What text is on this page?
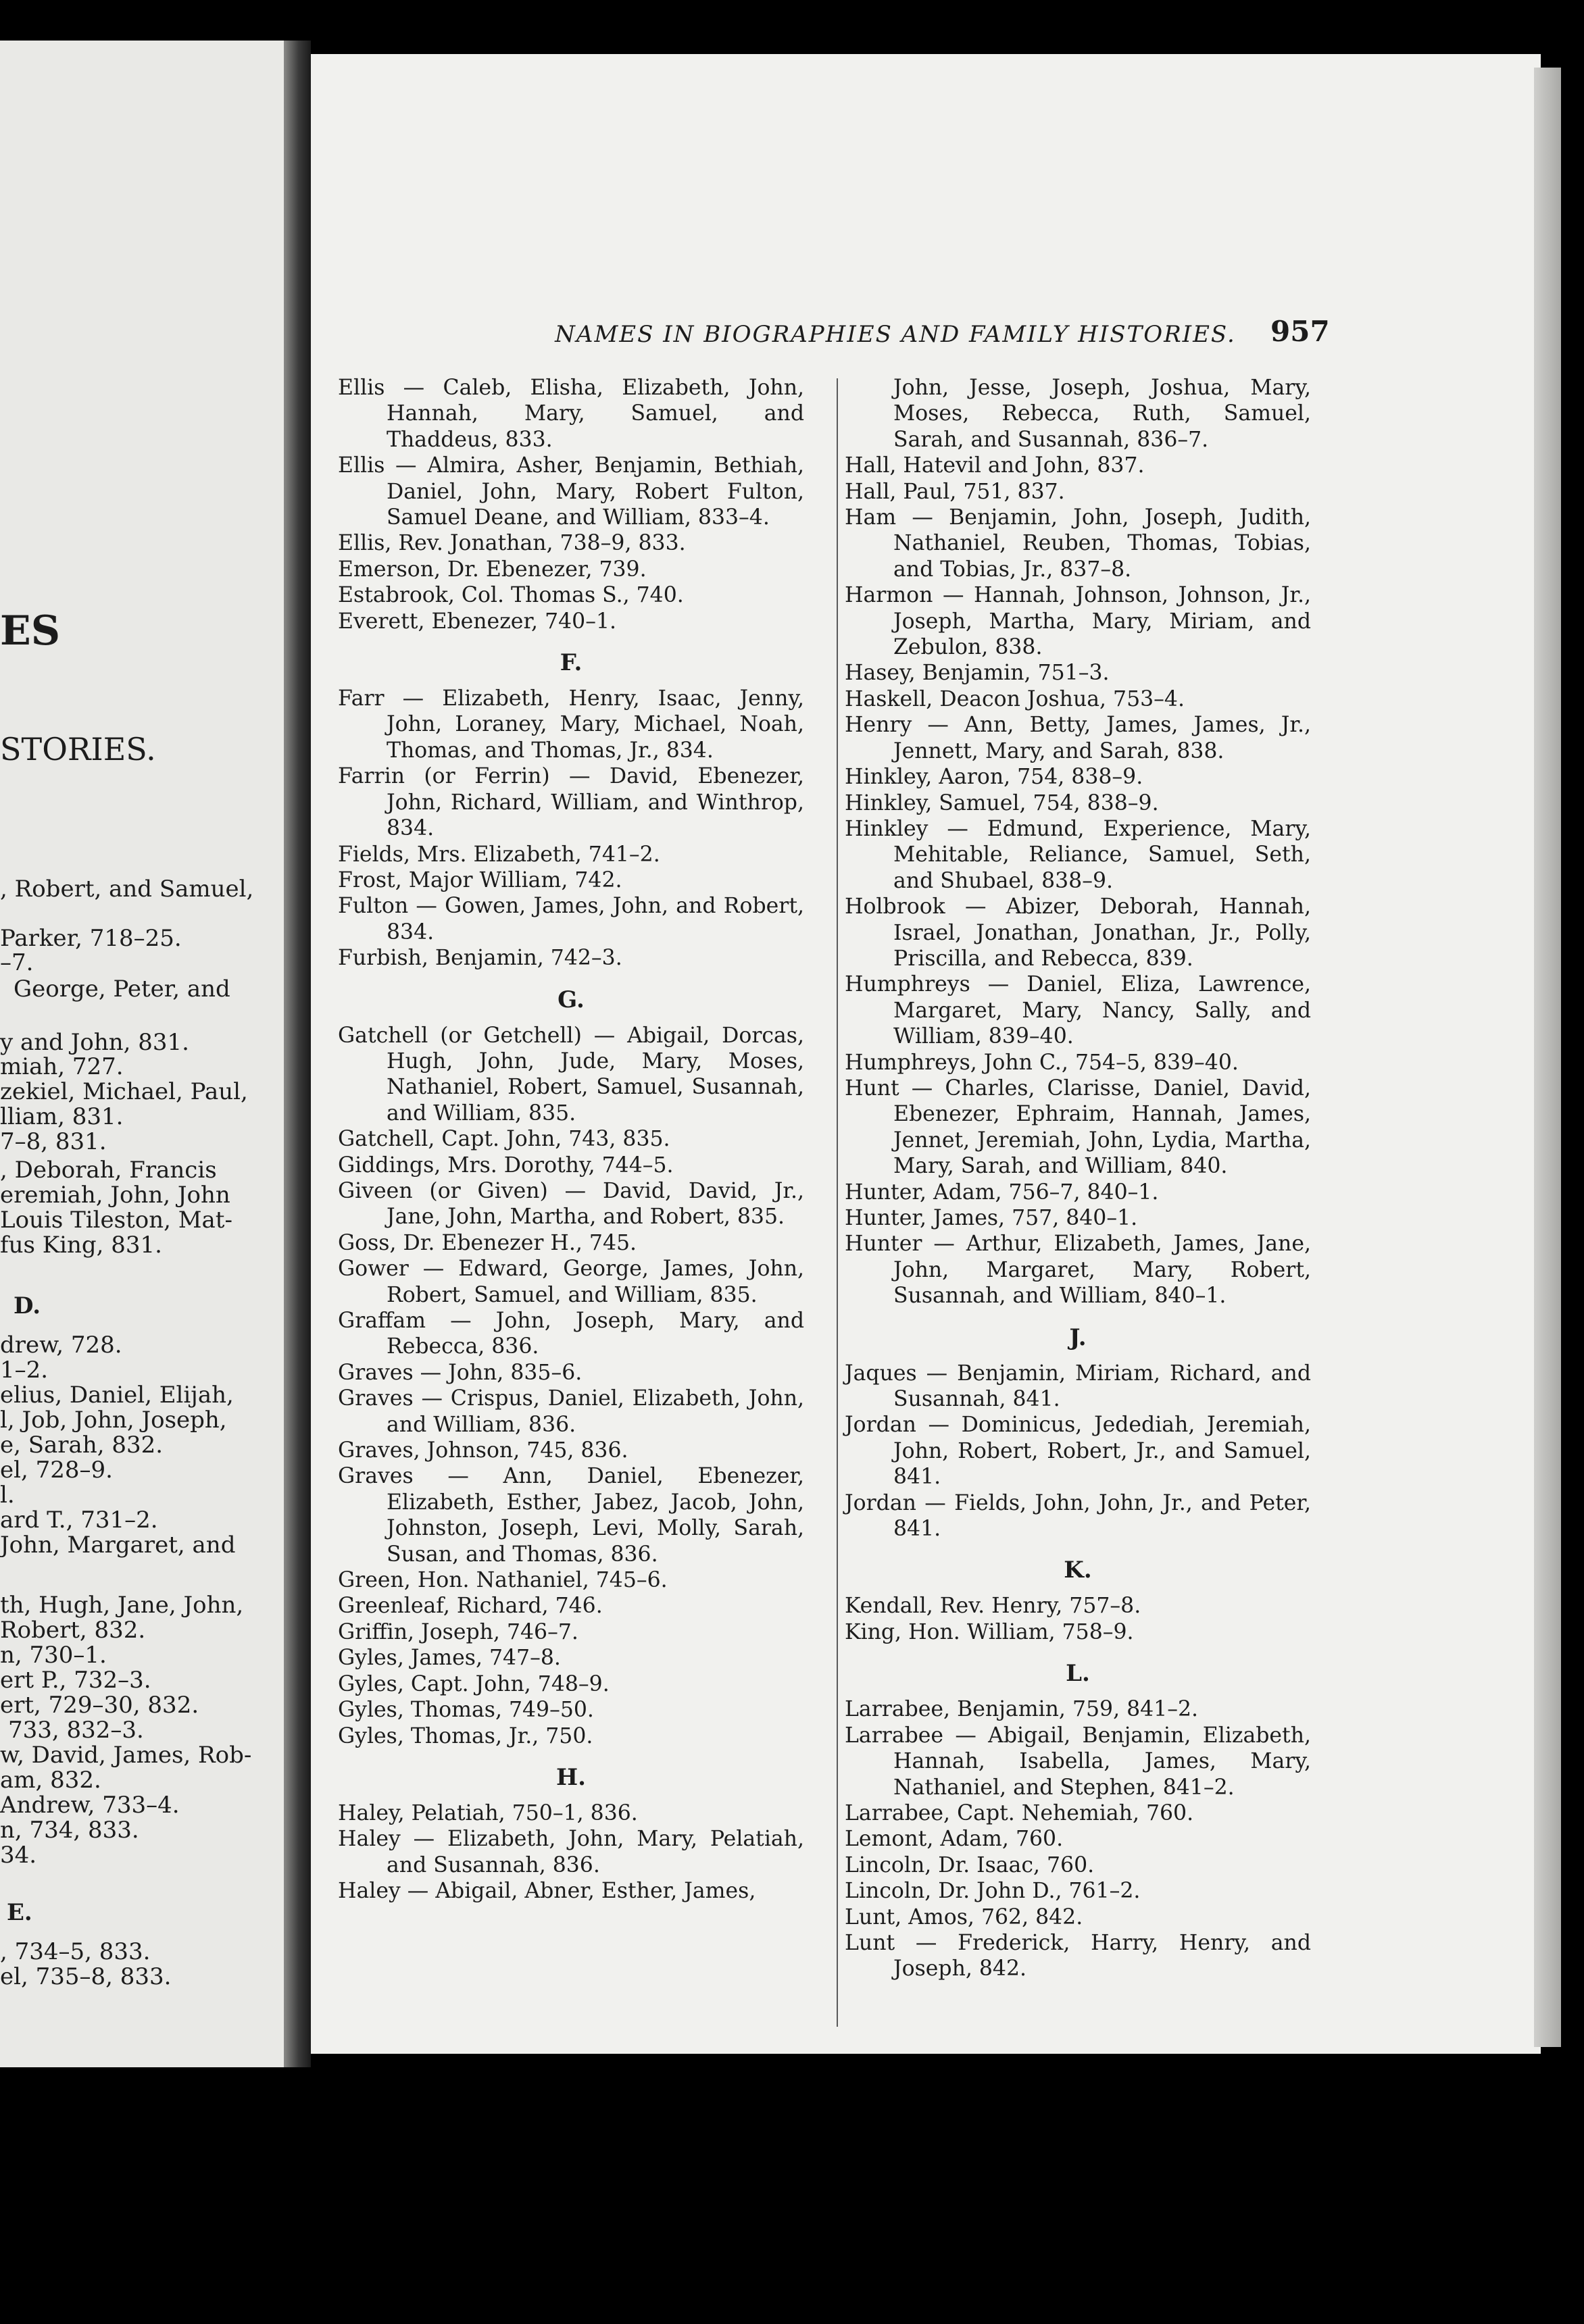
ES
STORIES.
, Robert, and Samuel,
Parker, 718–25.
–7.
George, Peter, and
y and John, 831.
miah, 727.
zekiel, Michael, Paul,
lliam, 831.
7–8, 831.
, Deborah, Francis
eremiah, John, John
Louis Tileston, Mat-
fus King, 831.
D.
drew, 728.
1–2.
elius, Daniel, Elijah,
l, Job, John, Joseph,
e, Sarah, 832.
el, 728–9.
l.
ard T., 731–2.
John, Margaret, and
th, Hugh, Jane, John,
Robert, 832.
n, 730–1.
ert P., 732–3.
ert, 729–30, 832.
733, 832–3.
w, David, James, Rob-
am, 832.
Andrew, 733–4.
n, 734, 833.
34.
E.
, 734–5, 833.
el, 735–8, 833.
NAMES IN BIOGRAPHIES AND FAMILY HISTORIES.	957
Ellis — Caleb, Elisha, Elizabeth, John, Hannah, Mary, Samuel, and Thaddeus, 833.
Ellis — Almira, Asher, Benjamin, Bethiah, Daniel, John, Mary, Robert Fulton, Samuel Deane, and William, 833–4.
Ellis, Rev. Jonathan, 738–9, 833.
Emerson, Dr. Ebenezer, 739.
Estabrook, Col. Thomas S., 740.
Everett, Ebenezer, 740–1.
F.
Farr — Elizabeth, Henry, Isaac, Jenny, John, Loraney, Mary, Michael, Noah, Thomas, and Thomas, Jr., 834.
Farrin (or Ferrin) — David, Ebenezer, John, Richard, William, and Winthrop, 834.
Fields, Mrs. Elizabeth, 741–2.
Frost, Major William, 742.
Fulton — Gowen, James, John, and Robert, 834.
Furbish, Benjamin, 742–3.
G.
Gatchell (or Getchell) — Abigail, Dorcas, Hugh, John, Jude, Mary, Moses, Nathaniel, Robert, Samuel, Susannah, and William, 835.
Gatchell, Capt. John, 743, 835.
Giddings, Mrs. Dorothy, 744–5.
Giveen (or Given) — David, David, Jr., Jane, John, Martha, and Robert, 835.
Goss, Dr. Ebenezer H., 745.
Gower — Edward, George, James, John, Robert, Samuel, and William, 835.
Graffam — John, Joseph, Mary, and Rebecca, 836.
Graves — John, 835–6.
Graves — Crispus, Daniel, Elizabeth, John, and William, 836.
Graves, Johnson, 745, 836.
Graves — Ann, Daniel, Ebenezer, Elizabeth, Esther, Jabez, Jacob, John, Johnston, Joseph, Levi, Molly, Sarah, Susan, and Thomas, 836.
Green, Hon. Nathaniel, 745–6.
Greenleaf, Richard, 746.
Griffin, Joseph, 746–7.
Gyles, James, 747–8.
Gyles, Capt. John, 748–9.
Gyles, Thomas, 749–50.
Gyles, Thomas, Jr., 750.
H.
Haley, Pelatiah, 750–1, 836.
Haley — Elizabeth, John, Mary, Pelatiah, and Susannah, 836.
Haley — Abigail, Abner, Esther, James,
John, Jesse, Joseph, Joshua, Mary, Moses, Rebecca, Ruth, Samuel, Sarah, and Susannah, 836–7.
Hall, Hatevil and John, 837.
Hall, Paul, 751, 837.
Ham — Benjamin, John, Joseph, Judith, Nathaniel, Reuben, Thomas, Tobias, and Tobias, Jr., 837–8.
Harmon — Hannah, Johnson, Johnson, Jr., Joseph, Martha, Mary, Miriam, and Zebulon, 838.
Hasey, Benjamin, 751–3.
Haskell, Deacon Joshua, 753–4.
Henry — Ann, Betty, James, James, Jr., Jennett, Mary, and Sarah, 838.
Hinkley, Aaron, 754, 838–9.
Hinkley, Samuel, 754, 838–9.
Hinkley — Edmund, Experience, Mary, Mehitable, Reliance, Samuel, Seth, and Shubael, 838–9.
Holbrook — Abizer, Deborah, Hannah, Israel, Jonathan, Jonathan, Jr., Polly, Priscilla, and Rebecca, 839.
Humphreys — Daniel, Eliza, Lawrence, Margaret, Mary, Nancy, Sally, and William, 839–40.
Humphreys, John C., 754–5, 839–40.
Hunt — Charles, Clarisse, Daniel, David, Ebenezer, Ephraim, Hannah, James, Jennet, Jeremiah, John, Lydia, Martha, Mary, Sarah, and William, 840.
Hunter, Adam, 756–7, 840–1.
Hunter, James, 757, 840–1.
Hunter — Arthur, Elizabeth, James, Jane, John, Margaret, Mary, Robert, Susannah, and William, 840–1.
J.
Jaques — Benjamin, Miriam, Richard, and Susannah, 841.
Jordan — Dominicus, Jedediah, Jeremiah, John, Robert, Robert, Jr., and Samuel, 841.
Jordan — Fields, John, John, Jr., and Peter, 841.
K.
Kendall, Rev. Henry, 757–8.
King, Hon. William, 758–9.
L.
Larrabee, Benjamin, 759, 841–2.
Larrabee — Abigail, Benjamin, Elizabeth, Hannah, Isabella, James, Mary, Nathaniel, and Stephen, 841–2.
Larrabee, Capt. Nehemiah, 760.
Lemont, Adam, 760.
Lincoln, Dr. Isaac, 760.
Lincoln, Dr. John D., 761–2.
Lunt, Amos, 762, 842.
Lunt — Frederick, Harry, Henry, and Joseph, 842.
